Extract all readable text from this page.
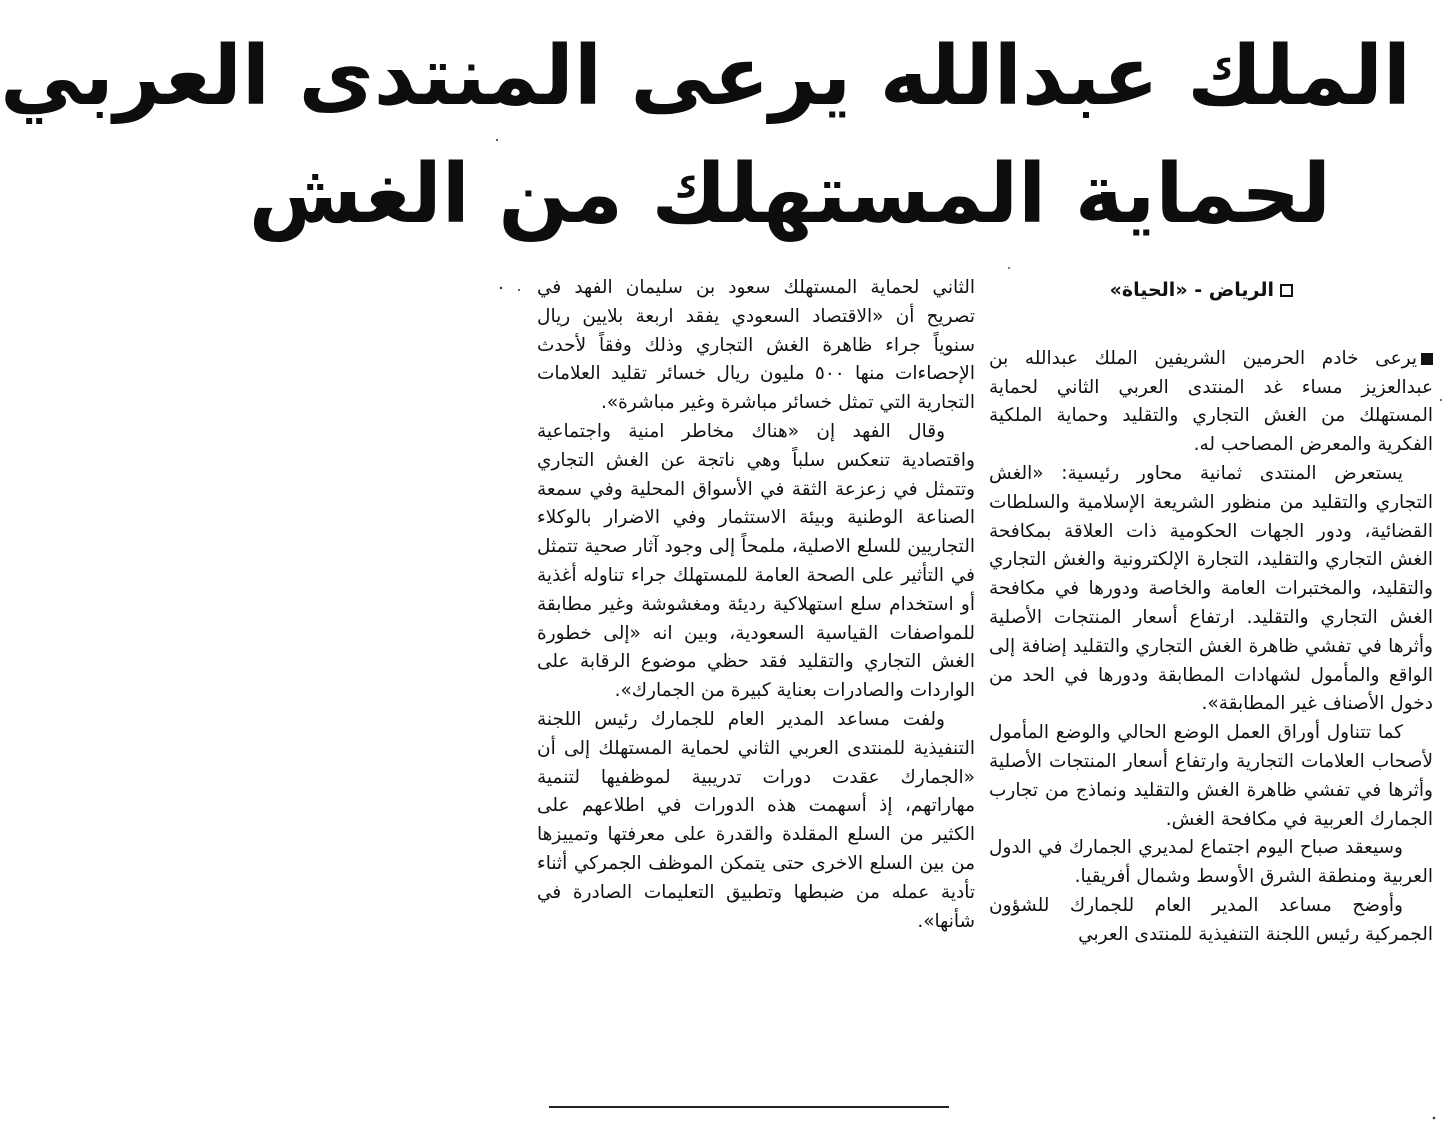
الملك عبدالله يرعى المنتدى العربي
لحماية المستهلك من الغش

الرياض - «الحياة»

يرعى خادم الحرمين الشريفين الملك عبدالله بن عبدالعزيز مساء غد المنتدى العربي الثاني لحماية المستهلك من الغش التجاري والتقليد وحماية الملكية الفكرية والمعرض المصاحب له.

يستعرض المنتدى ثمانية محاور رئيسية: «الغش التجاري والتقليد من منظور الشريعة الإسلامية والسلطات القضائية، ودور الجهات الحكومية ذات العلاقة بمكافحة الغش التجاري والتقليد، التجارة الإلكترونية والغش التجاري والتقليد، والمختبرات العامة والخاصة ودورها في مكافحة الغش التجاري والتقليد. ارتفاع أسعار المنتجات الأصلية وأثرها في تفشي ظاهرة الغش التجاري والتقليد إضافة إلى الواقع والمأمول لشهادات المطابقة ودورها في الحد من دخول الأصناف غير المطابقة».

كما تتناول أوراق العمل الوضع الحالي والوضع المأمول لأصحاب العلامات التجارية وارتفاع أسعار المنتجات الأصلية وأثرها في تفشي ظاهرة الغش والتقليد ونماذج من تجارب الجمارك العربية في مكافحة الغش.

وسيعقد صباح اليوم اجتماع لمديري الجمارك في الدول العربية ومنطقة الشرق الأوسط وشمال أفريقيا.

وأوضح مساعد المدير العام للجمارك للشؤون الجمركية رئيس اللجنة التنفيذية للمنتدى العربي

الثاني لحماية المستهلك سعود بن سليمان الفهد في تصريح أن «الاقتصاد السعودي يفقد اربعة بلايين ريال سنوياً جراء ظاهرة الغش التجاري وذلك وفقاً لأحدث الإحصاءات منها ٥٠٠ مليون ريال خسائر تقليد العلامات التجارية التي تمثل خسائر مباشرة وغير مباشرة».

وقال الفهد إن «هناك مخاطر امنية واجتماعية واقتصادية تنعكس سلباً وهي ناتجة عن الغش التجاري وتتمثل في زعزعة الثقة في الأسواق المحلية وفي سمعة الصناعة الوطنية وبيئة الاستثمار وفي الاضرار بالوكلاء التجاريين للسلع الاصلية، ملمحاً إلى وجود آثار صحية تتمثل في التأثير على الصحة العامة للمستهلك جراء تناوله أغذية أو استخدام سلع استهلاكية رديئة ومغشوشة وغير مطابقة للمواصفات القياسية السعودية، وبين انه «إلى خطورة الغش التجاري والتقليد فقد حظي موضوع الرقابة على الواردات والصادرات بعناية كبيرة من الجمارك».

ولفت مساعد المدير العام للجمارك رئيس اللجنة التنفيذية للمنتدى العربي الثاني لحماية المستهلك إلى أن «الجمارك عقدت دورات تدريبية لموظفيها لتنمية مهاراتهم، إذ أسهمت هذه الدورات في اطلاعهم على الكثير من السلع المقلدة والقدرة على معرفتها وتمييزها من بين السلع الاخرى حتى يتمكن الموظف الجمركي أثناء تأدية عمله من ضبطها وتطبيق التعليمات الصادرة في شأنها».
